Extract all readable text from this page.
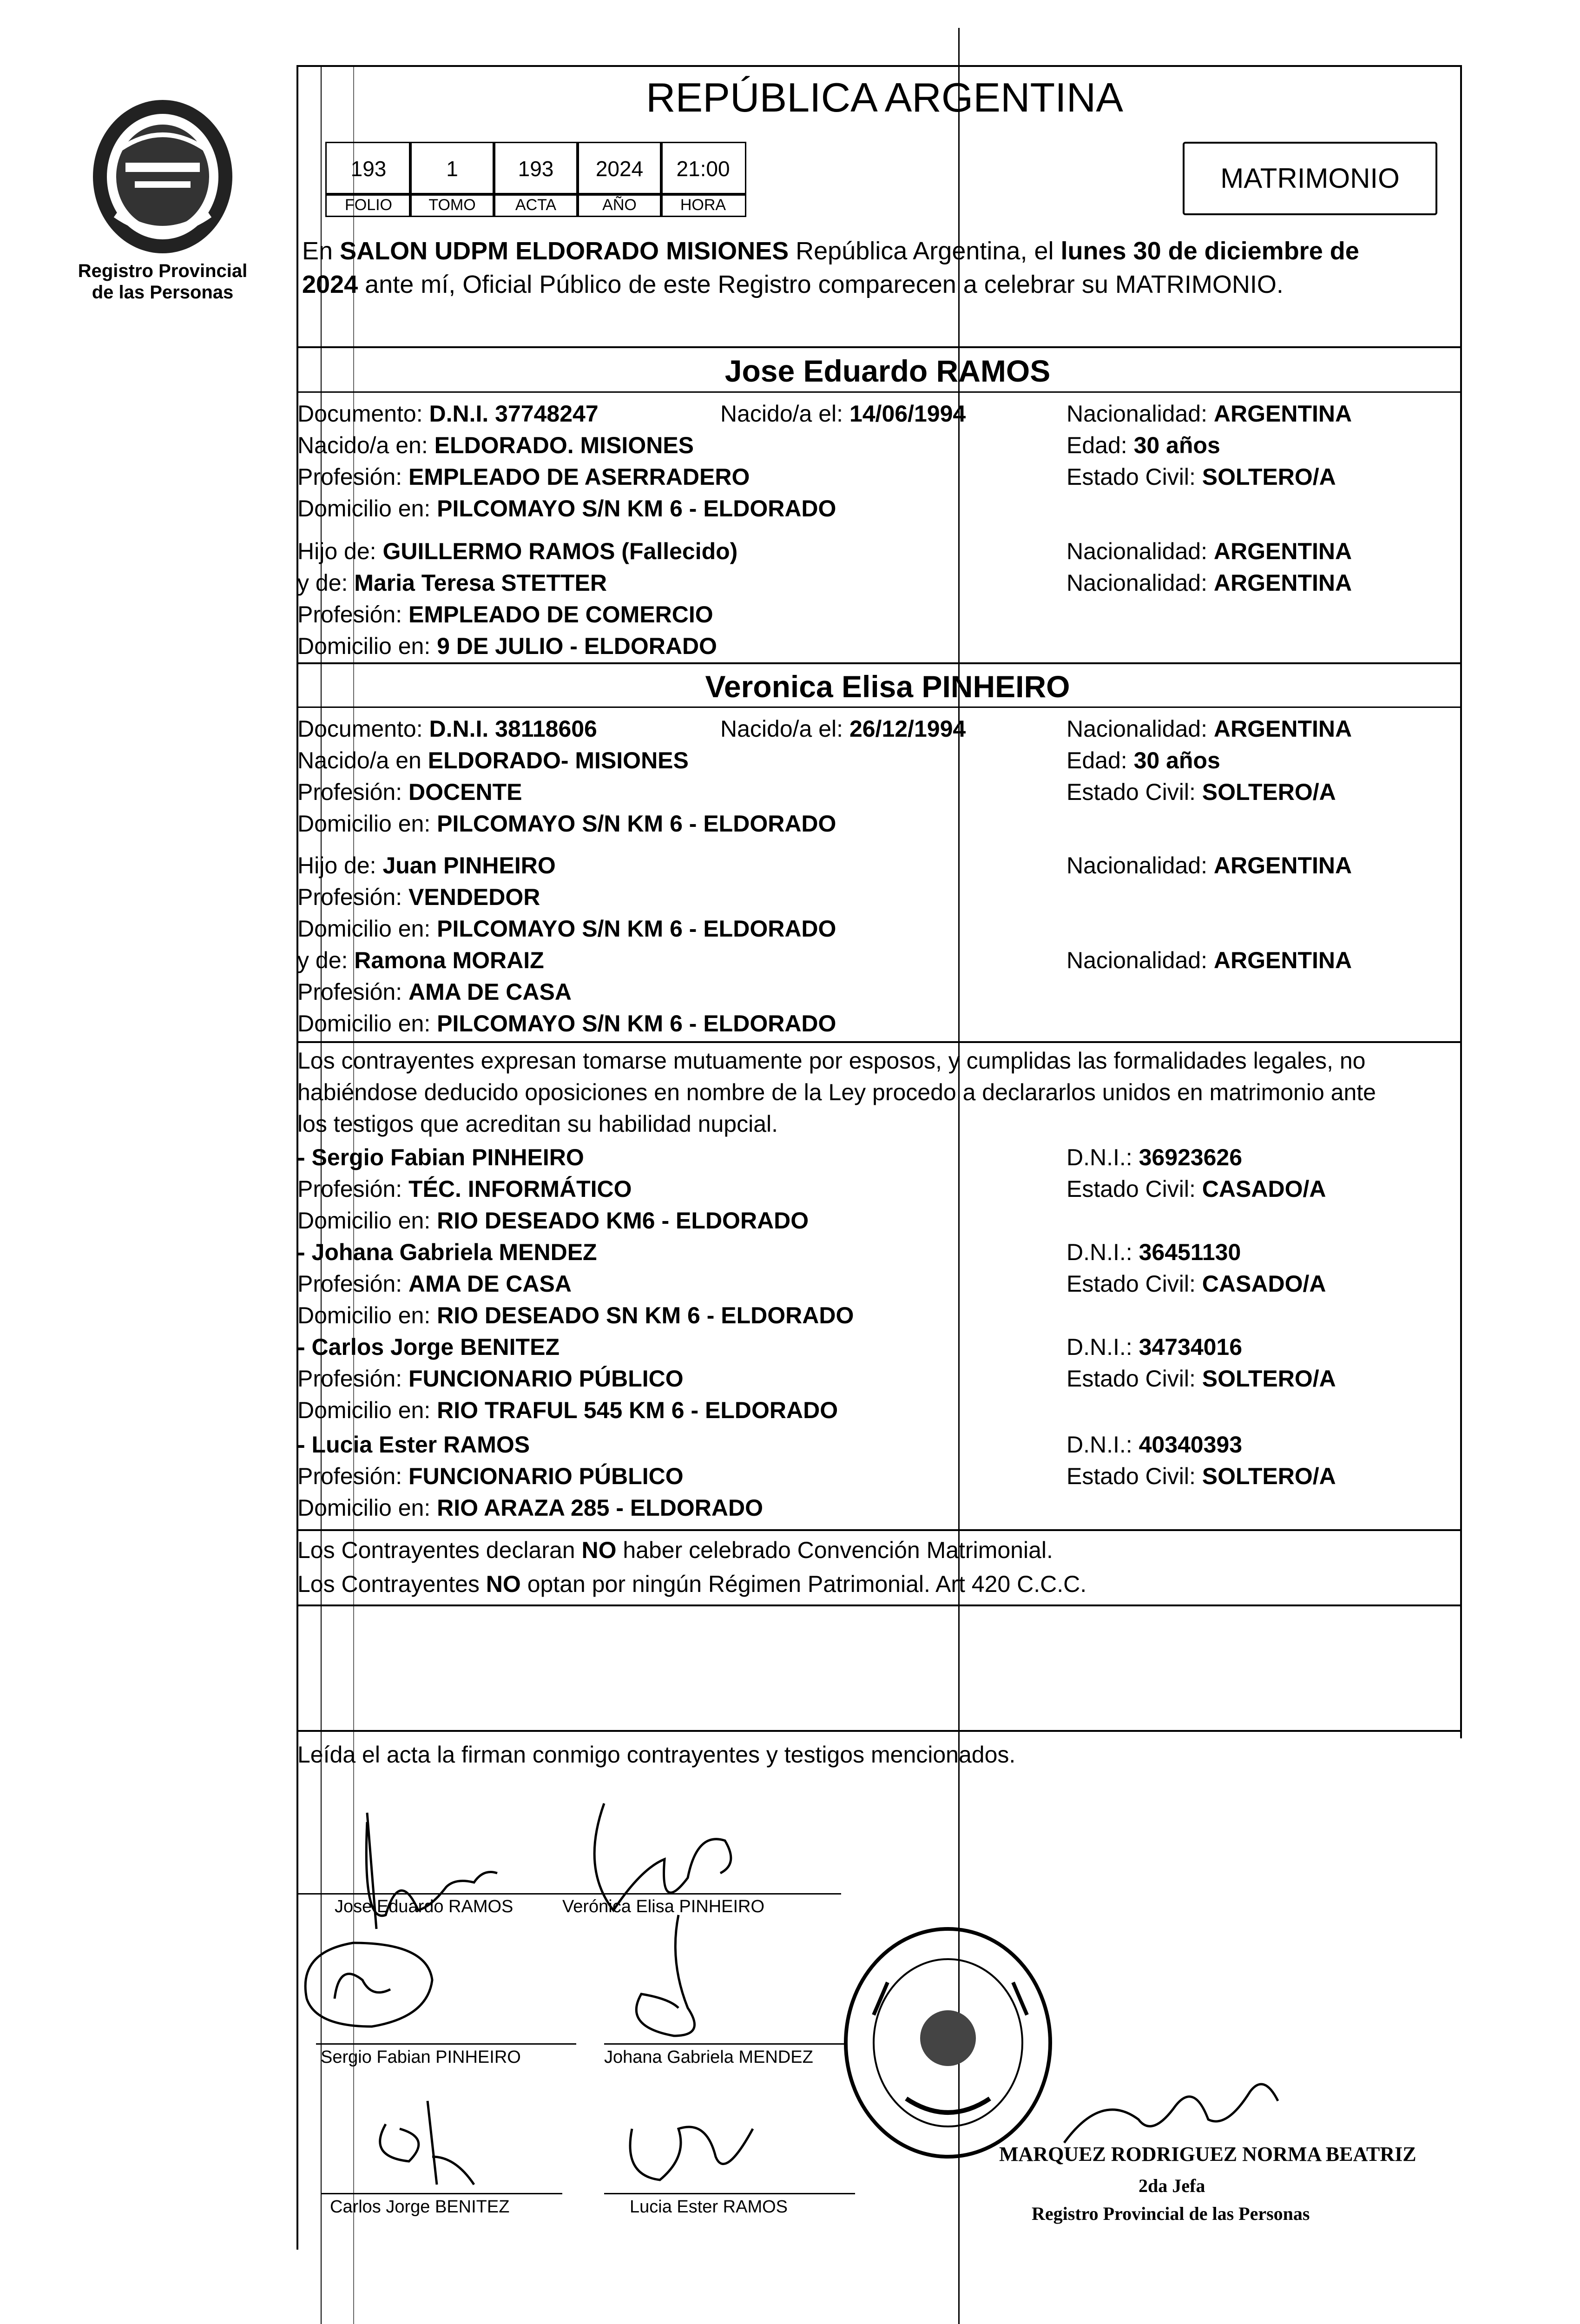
Registro Provincial
de las Personas
REPÚBLICA ARGENTINA
193	1	193	2024	21:00
FOLIO	TOMO	ACTA	AÑO	HORA
MATRIMONIO
En SALON UDPM ELDORADO MISIONES República Argentina, el lunes 30 de diciembre de
2024 ante mí, Oficial Público de este Registro comparecen a celebrar su MATRIMONIO.
Jose Eduardo RAMOS
Documento: D.N.I. 37748247	Nacido/a el: 14/06/1994	Nacionalidad: ARGENTINA
Nacido/a en: ELDORADO. MISIONES	Edad: 30 años
Profesión: EMPLEADO DE ASERRADERO	Estado Civil: SOLTERO/A
Domicilio en: PILCOMAYO S/N KM 6 - ELDORADO
Hijo de: GUILLERMO RAMOS (Fallecido)	Nacionalidad: ARGENTINA
y de: Maria Teresa STETTER	Nacionalidad: ARGENTINA
Profesión: EMPLEADO DE COMERCIO
Domicilio en: 9 DE JULIO - ELDORADO
Veronica Elisa PINHEIRO
Documento: D.N.I. 38118606	Nacido/a el: 26/12/1994	Nacionalidad: ARGENTINA
Nacido/a en ELDORADO- MISIONES	Edad: 30 años
Profesión: DOCENTE	Estado Civil: SOLTERO/A
Domicilio en: PILCOMAYO S/N KM 6 - ELDORADO
Hijo de: Juan PINHEIRO	Nacionalidad: ARGENTINA
Profesión: VENDEDOR
Domicilio en: PILCOMAYO S/N KM 6 - ELDORADO
y de: Ramona MORAIZ	Nacionalidad: ARGENTINA
Profesión: AMA DE CASA
Domicilio en: PILCOMAYO S/N KM 6 - ELDORADO
Los contrayentes expresan tomarse mutuamente por esposos, y cumplidas las formalidades legales, no
habiéndose deducido oposiciones en nombre de la Ley procedo a declararlos unidos en matrimonio ante
los testigos que acreditan su habilidad nupcial.
- Sergio Fabian PINHEIRO	D.N.I.: 36923626
Profesión: TÉC. INFORMÁTICO	Estado Civil: CASADO/A
Domicilio en: RIO DESEADO KM6 - ELDORADO
- Johana Gabriela MENDEZ	D.N.I.: 36451130
Profesión: AMA DE CASA	Estado Civil: CASADO/A
Domicilio en: RIO DESEADO SN KM 6 - ELDORADO
- Carlos Jorge BENITEZ	D.N.I.: 34734016
Profesión: FUNCIONARIO PÚBLICO	Estado Civil: SOLTERO/A
Domicilio en: RIO TRAFUL 545 KM 6 - ELDORADO
- Lucia Ester RAMOS	D.N.I.: 40340393
Profesión: FUNCIONARIO PÚBLICO	Estado Civil: SOLTERO/A
Domicilio en: RIO ARAZA 285 - ELDORADO
Los Contrayentes declaran NO haber celebrado Convención Matrimonial.
Los Contrayentes NO optan por ningún Régimen Patrimonial. Art 420 C.C.C.
Leída el acta la firman conmigo contrayentes y testigos mencionados.
Jose Eduardo RAMOS	Verónica Elisa PINHEIRO
Sergio Fabian PINHEIRO	Johana Gabriela MENDEZ
Carlos Jorge BENITEZ	Lucia Ester RAMOS
MARQUEZ RODRIGUEZ NORMA BEATRIZ
2da Jefa
Registro Provincial de las Personas
